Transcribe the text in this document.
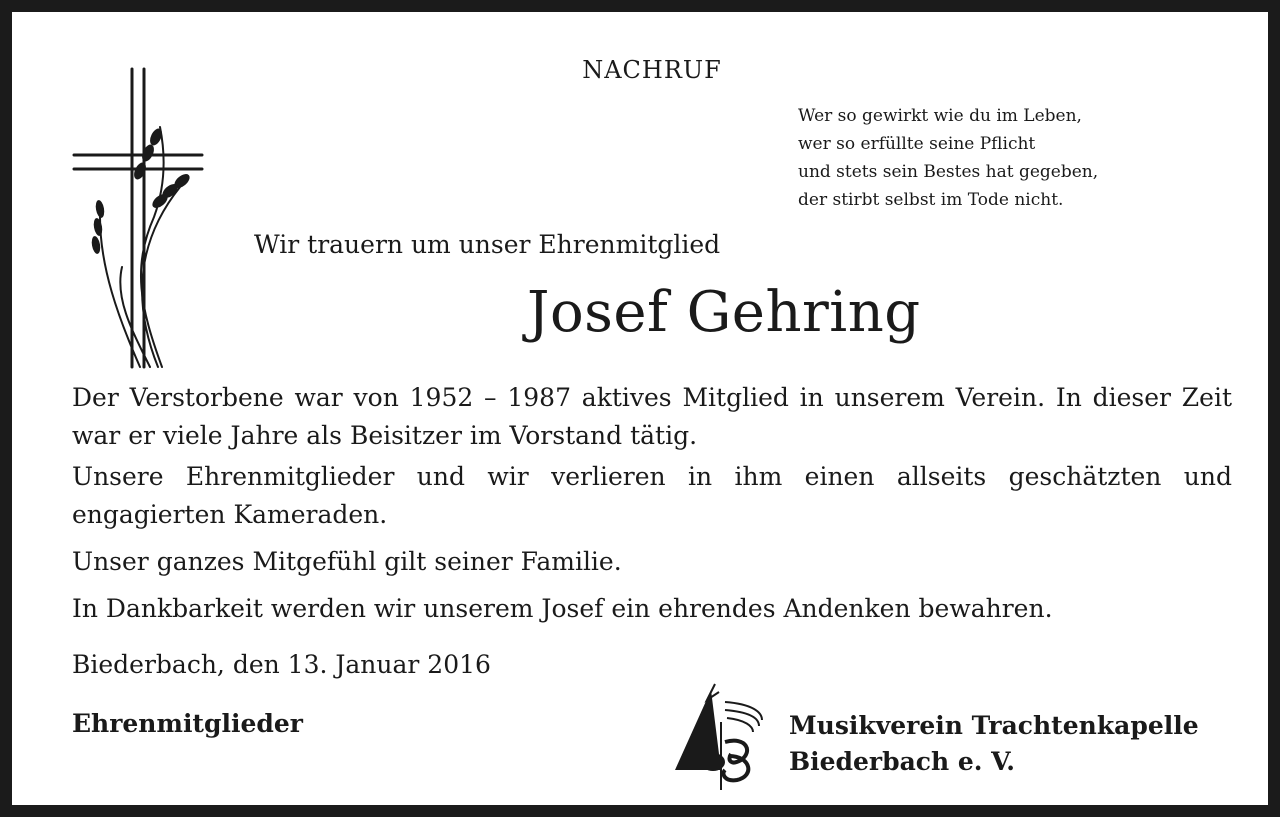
NACHRUF
Wer so gewirkt wie du im Leben,
wer so erfüllte seine Pflicht
und stets sein Bestes hat gegeben,
der stirbt selbst im Tode nicht.
Wir trauern um unser Ehrenmitglied
Josef Gehring
Der Verstorbene war von 1952 – 1987 aktives Mitglied in unserem Verein. In dieser Zeit war er viele Jahre als Beisitzer im Vorstand tätig.
Unsere Ehrenmitglieder und wir verlieren in ihm einen allseits geschätzten und engagierten Kameraden.
Unser ganzes Mitgefühl gilt seiner Familie.
In Dankbarkeit werden wir unserem Josef ein ehrendes Andenken bewahren.
Biederbach, den 13. Januar 2016
Ehrenmitglieder	Musikverein Trachtenkapelle
Biederbach e. V.
